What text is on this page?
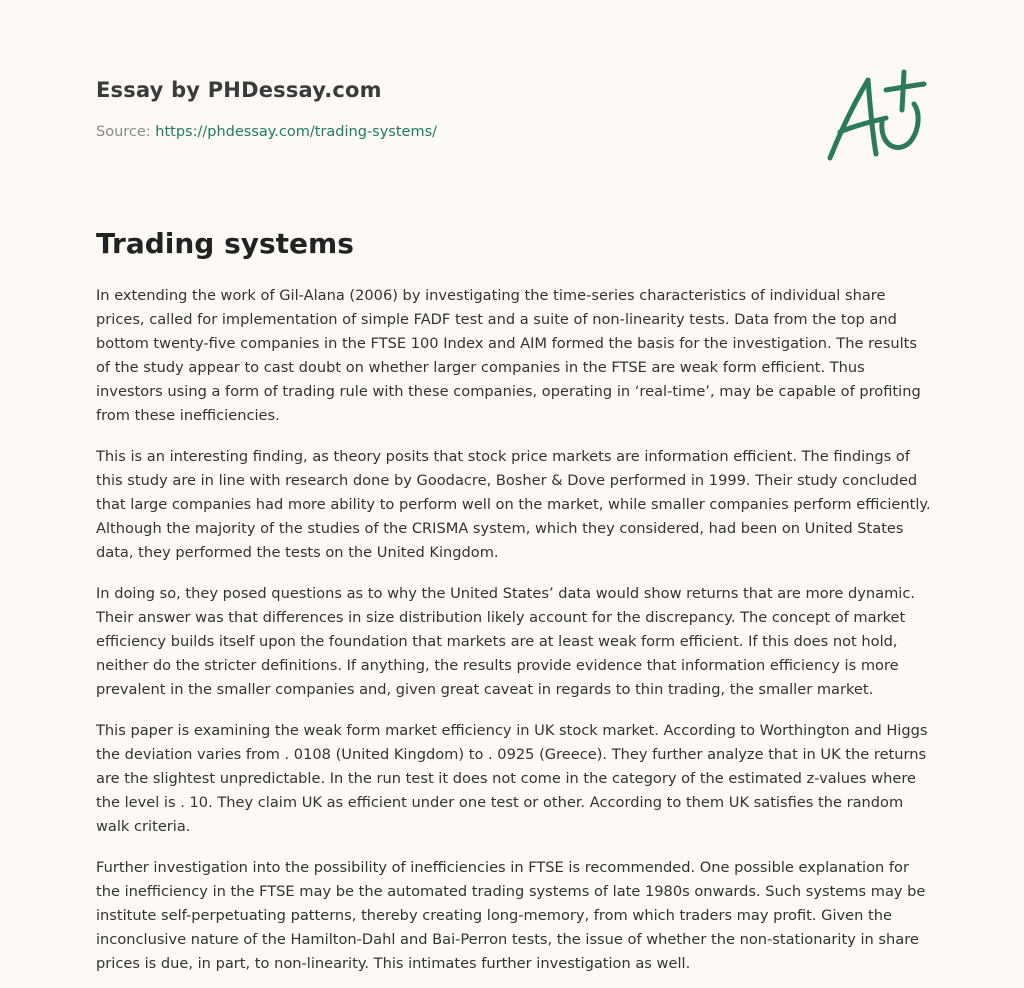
Essay by PHDessay.com
Source: https://phdessay.com/trading-systems/
Trading systems

In extending the work of Gil-Alana (2006) by investigating the time-series characteristics of individual share prices, called for implementation of simple FADF test and a suite of non-linearity tests. Data from the top and bottom twenty-five companies in the FTSE 100 Index and AIM formed the basis for the investigation. The results of the study appear to cast doubt on whether larger companies in the FTSE are weak form efficient. Thus investors using a form of trading rule with these companies, operating in ‘real-time’, may be capable of profiting from these inefficiencies.

This is an interesting finding, as theory posits that stock price markets are information efficient. The findings of this study are in line with research done by Goodacre, Bosher & Dove performed in 1999. Their study concluded that large companies had more ability to perform well on the market, while smaller companies perform efficiently. Although the majority of the studies of the CRISMA system, which they considered, had been on United States data, they performed the tests on the United Kingdom.

In doing so, they posed questions as to why the United States’ data would show returns that are more dynamic. Their answer was that differences in size distribution likely account for the discrepancy. The concept of market efficiency builds itself upon the foundation that markets are at least weak form efficient. If this does not hold, neither do the stricter definitions. If anything, the results provide evidence that information efficiency is more prevalent in the smaller companies and, given great caveat in regards to thin trading, the smaller market.

This paper is examining the weak form market efficiency in UK stock market. According to Worthington and Higgs the deviation varies from . 0108 (United Kingdom) to . 0925 (Greece). They further analyze that in UK the returns are the slightest unpredictable. In the run test it does not come in the category of the estimated z-values where the level is . 10. They claim UK as efficient under one test or other. According to them UK satisfies the random walk criteria.

Further investigation into the possibility of inefficiencies in FTSE is recommended. One possible explanation for the inefficiency in the FTSE may be the automated trading systems of late 1980s onwards. Such systems may be institute self-perpetuating patterns, thereby creating long-memory, from which traders may profit. Given the inconclusive nature of the Hamilton-Dahl and Bai-Perron tests, the issue of whether the non-stationarity in share prices is due, in part, to non-linearity. This intimates further investigation as well.
